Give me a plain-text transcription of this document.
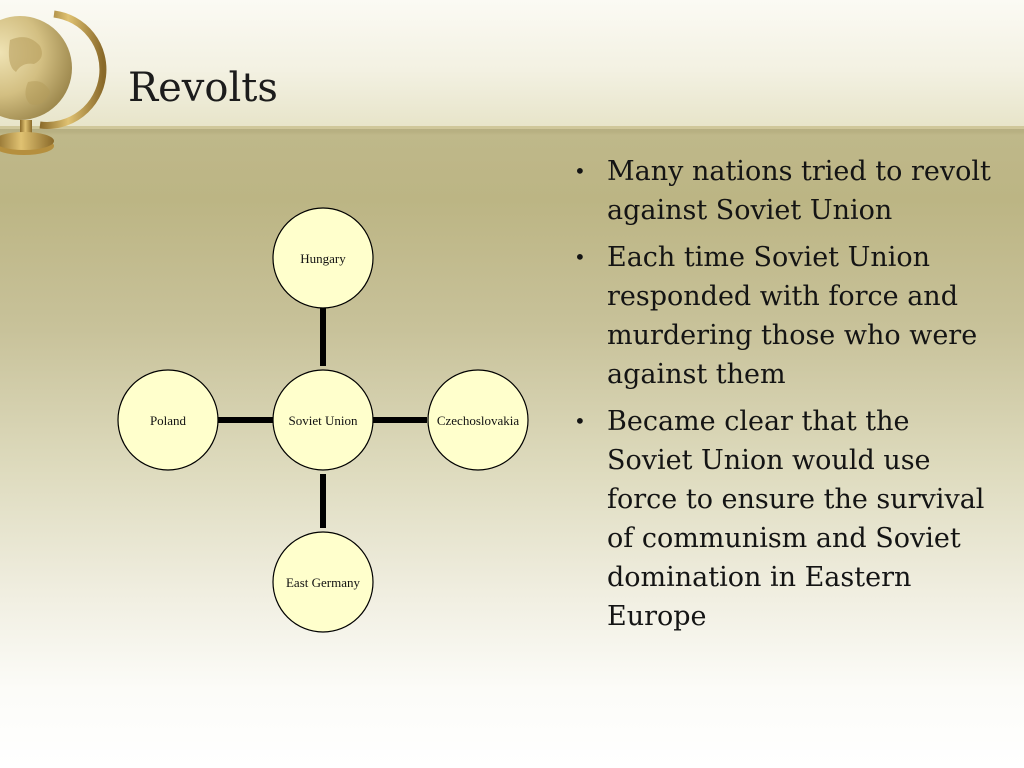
Revolts
Hungary
Poland	Soviet Union	Czechoslovakia
East Germany
• Many nations tried to revolt against Soviet Union
• Each time Soviet Union responded with force and murdering those who were against them
• Became clear that the Soviet Union would use force to ensure the survival of communism and Soviet domination in Eastern Europe
